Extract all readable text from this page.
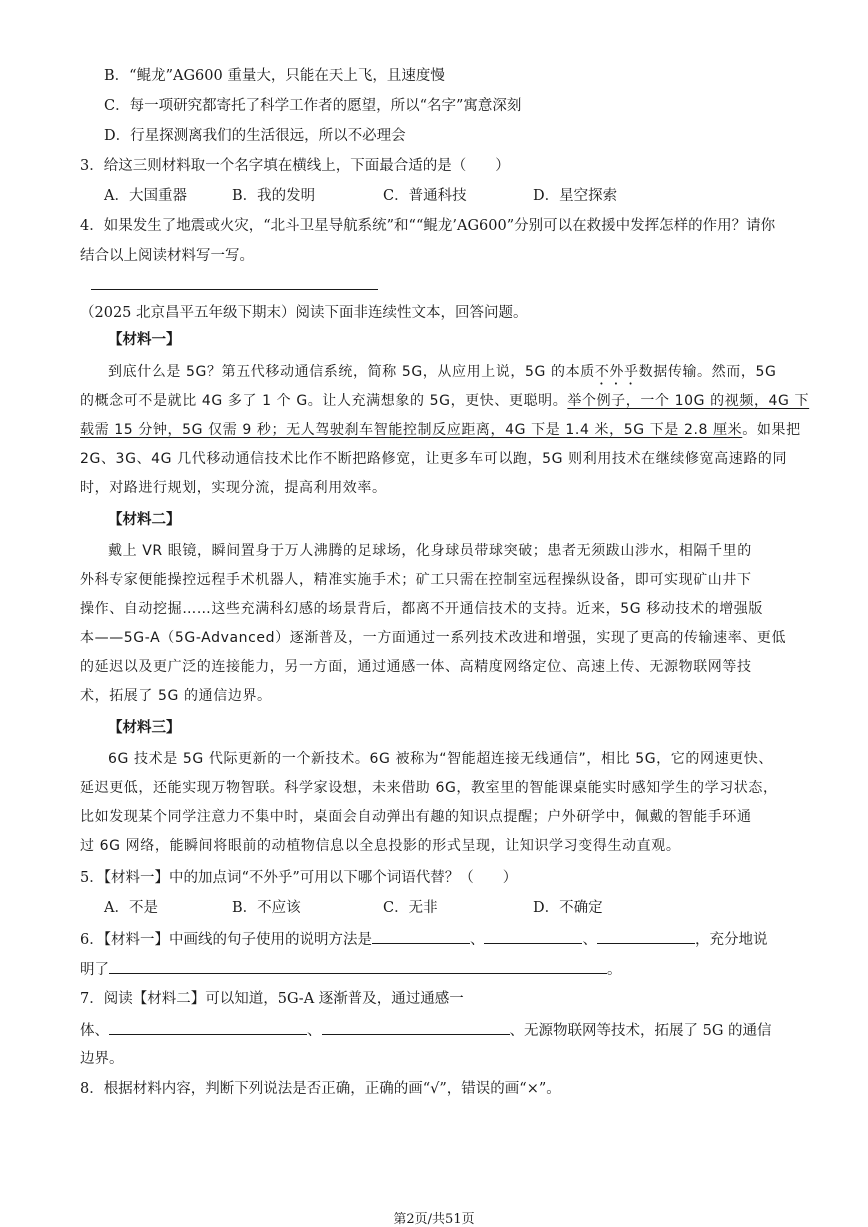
B．“鲲龙”AG600 重量大，只能在天上飞，且速度慢
C．每一项研究都寄托了科学工作者的愿望，所以“名字”寓意深刻
D．行星探测离我们的生活很远，所以不必理会
3．给这三则材料取一个名字填在横线上，下面最合适的是（　　）
A．大国重器	B．我的发明	C．普通科技	D．星空探索
4．如果发生了地震或火灾，“北斗卫星导航系统”和““鲲龙’AG600”分别可以在救援中发挥怎样的作用？请你
结合以上阅读材料写一写。
（2025 北京昌平五年级下期末）阅读下面非连续性文本，回答问题。
【材料一】
到底什么是 5G？第五代移动通信系统，简称 5G，从应用上说，5G 的本质不外乎数据传输。然而，5G
的概念可不是就比 4G 多了 1 个 G。让人充满想象的 5G，更快、更聪明。举个例子，一个 10G 的视频，4G 下
载需 15 分钟，5G 仅需 9 秒；无人驾驶刹车智能控制反应距离，4G 下是 1.4 米，5G 下是 2.8 厘米。如果把
2G、3G、4G 几代移动通信技术比作不断把路修宽，让更多车可以跑，5G 则利用技术在继续修宽高速路的同
时，对路进行规划，实现分流，提高利用效率。
【材料二】
戴上 VR 眼镜，瞬间置身于万人沸腾的足球场，化身球员带球突破；患者无须跋山涉水，相隔千里的
外科专家便能操控远程手术机器人，精准实施手术；矿工只需在控制室远程操纵设备，即可实现矿山井下
操作、自动挖掘……这些充满科幻感的场景背后，都离不开通信技术的支持。近来，5G 移动技术的增强版
本——5G-A（5G-Advanced）逐渐普及，一方面通过一系列技术改进和增强，实现了更高的传输速率、更低
的延迟以及更广泛的连接能力，另一方面，通过通感一体、高精度网络定位、高速上传、无源物联网等技
术，拓展了 5G 的通信边界。
【材料三】
6G 技术是 5G 代际更新的一个新技术。6G 被称为“智能超连接无线通信”，相比 5G，它的网速更快、
延迟更低，还能实现万物智联。科学家设想，未来借助 6G，教室里的智能课桌能实时感知学生的学习状态，
比如发现某个同学注意力不集中时，桌面会自动弹出有趣的知识点提醒；户外研学中，佩戴的智能手环通
过 6G 网络，能瞬间将眼前的动植物信息以全息投影的形式呈现，让知识学习变得生动直观。
5．【材料一】中的加点词“不外乎”可用以下哪个词语代替？（　　）
A．不是	B．不应该	C．无非	D．不确定
6．【材料一】中画线的句子使用的说明方法是	、	、	，充分地说
明了	。
7．阅读【材料二】可以知道，5G-A 逐渐普及，通过通感一
体、	、	、无源物联网等技术，拓展了 5G 的通信
边界。
8．根据材料内容，判断下列说法是否正确，正确的画“√”，错误的画“×”。
第2页/共51页
